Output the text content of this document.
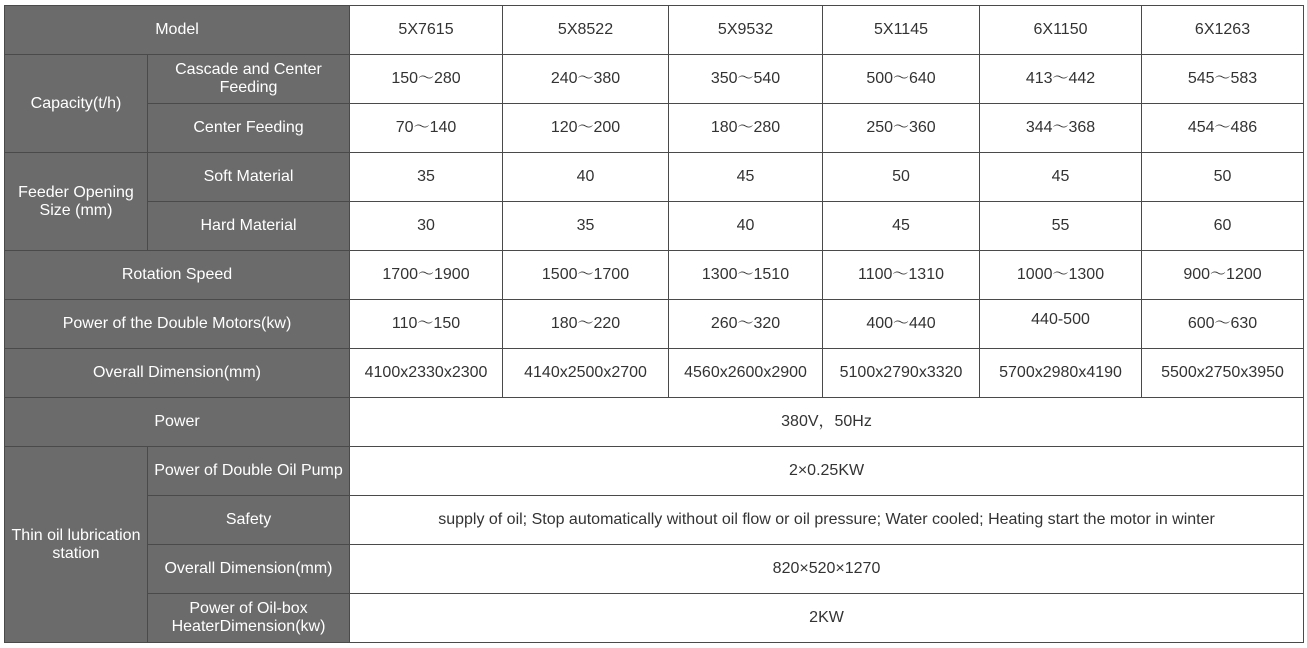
Model		5X7615	5X8522	5X9532	5X1145	6X1150	6X1263
Capacity(t/h)	Cascade and Center Feeding	150～280	240～380	350～540	500～640	413～442	545～583
	Center Feeding	70～140	120～200	180～280	250～360	344～368	454～486
Feeder Opening Size (mm)	Soft Material	35	40	45	50	45	50
	Hard Material	30	35	40	45	55	60
Rotation Speed		1700～1900	1500～1700	1300～1510	1100～1310	1000～1300	900～1200
Power of the Double Motors(kw)		110～150	180～220	260～320	400～440	440-500	600～630
Overall Dimension(mm)		4100x2330x2300	4140x2500x2700	4560x2600x2900	5100x2790x3320	5700x2980x4190	5500x2750x3950
Power		380V，50Hz					
Thin oil lubrication station	Power of Double Oil Pump	2×0.25KW					
	Safety	supply of oil; Stop automatically without oil flow or oil pressure; Water cooled; Heating start the motor in winter					
	Overall Dimension(mm)	820×520×1270					
	Power of Oil-box HeaterDimension(kw)	2KW					
